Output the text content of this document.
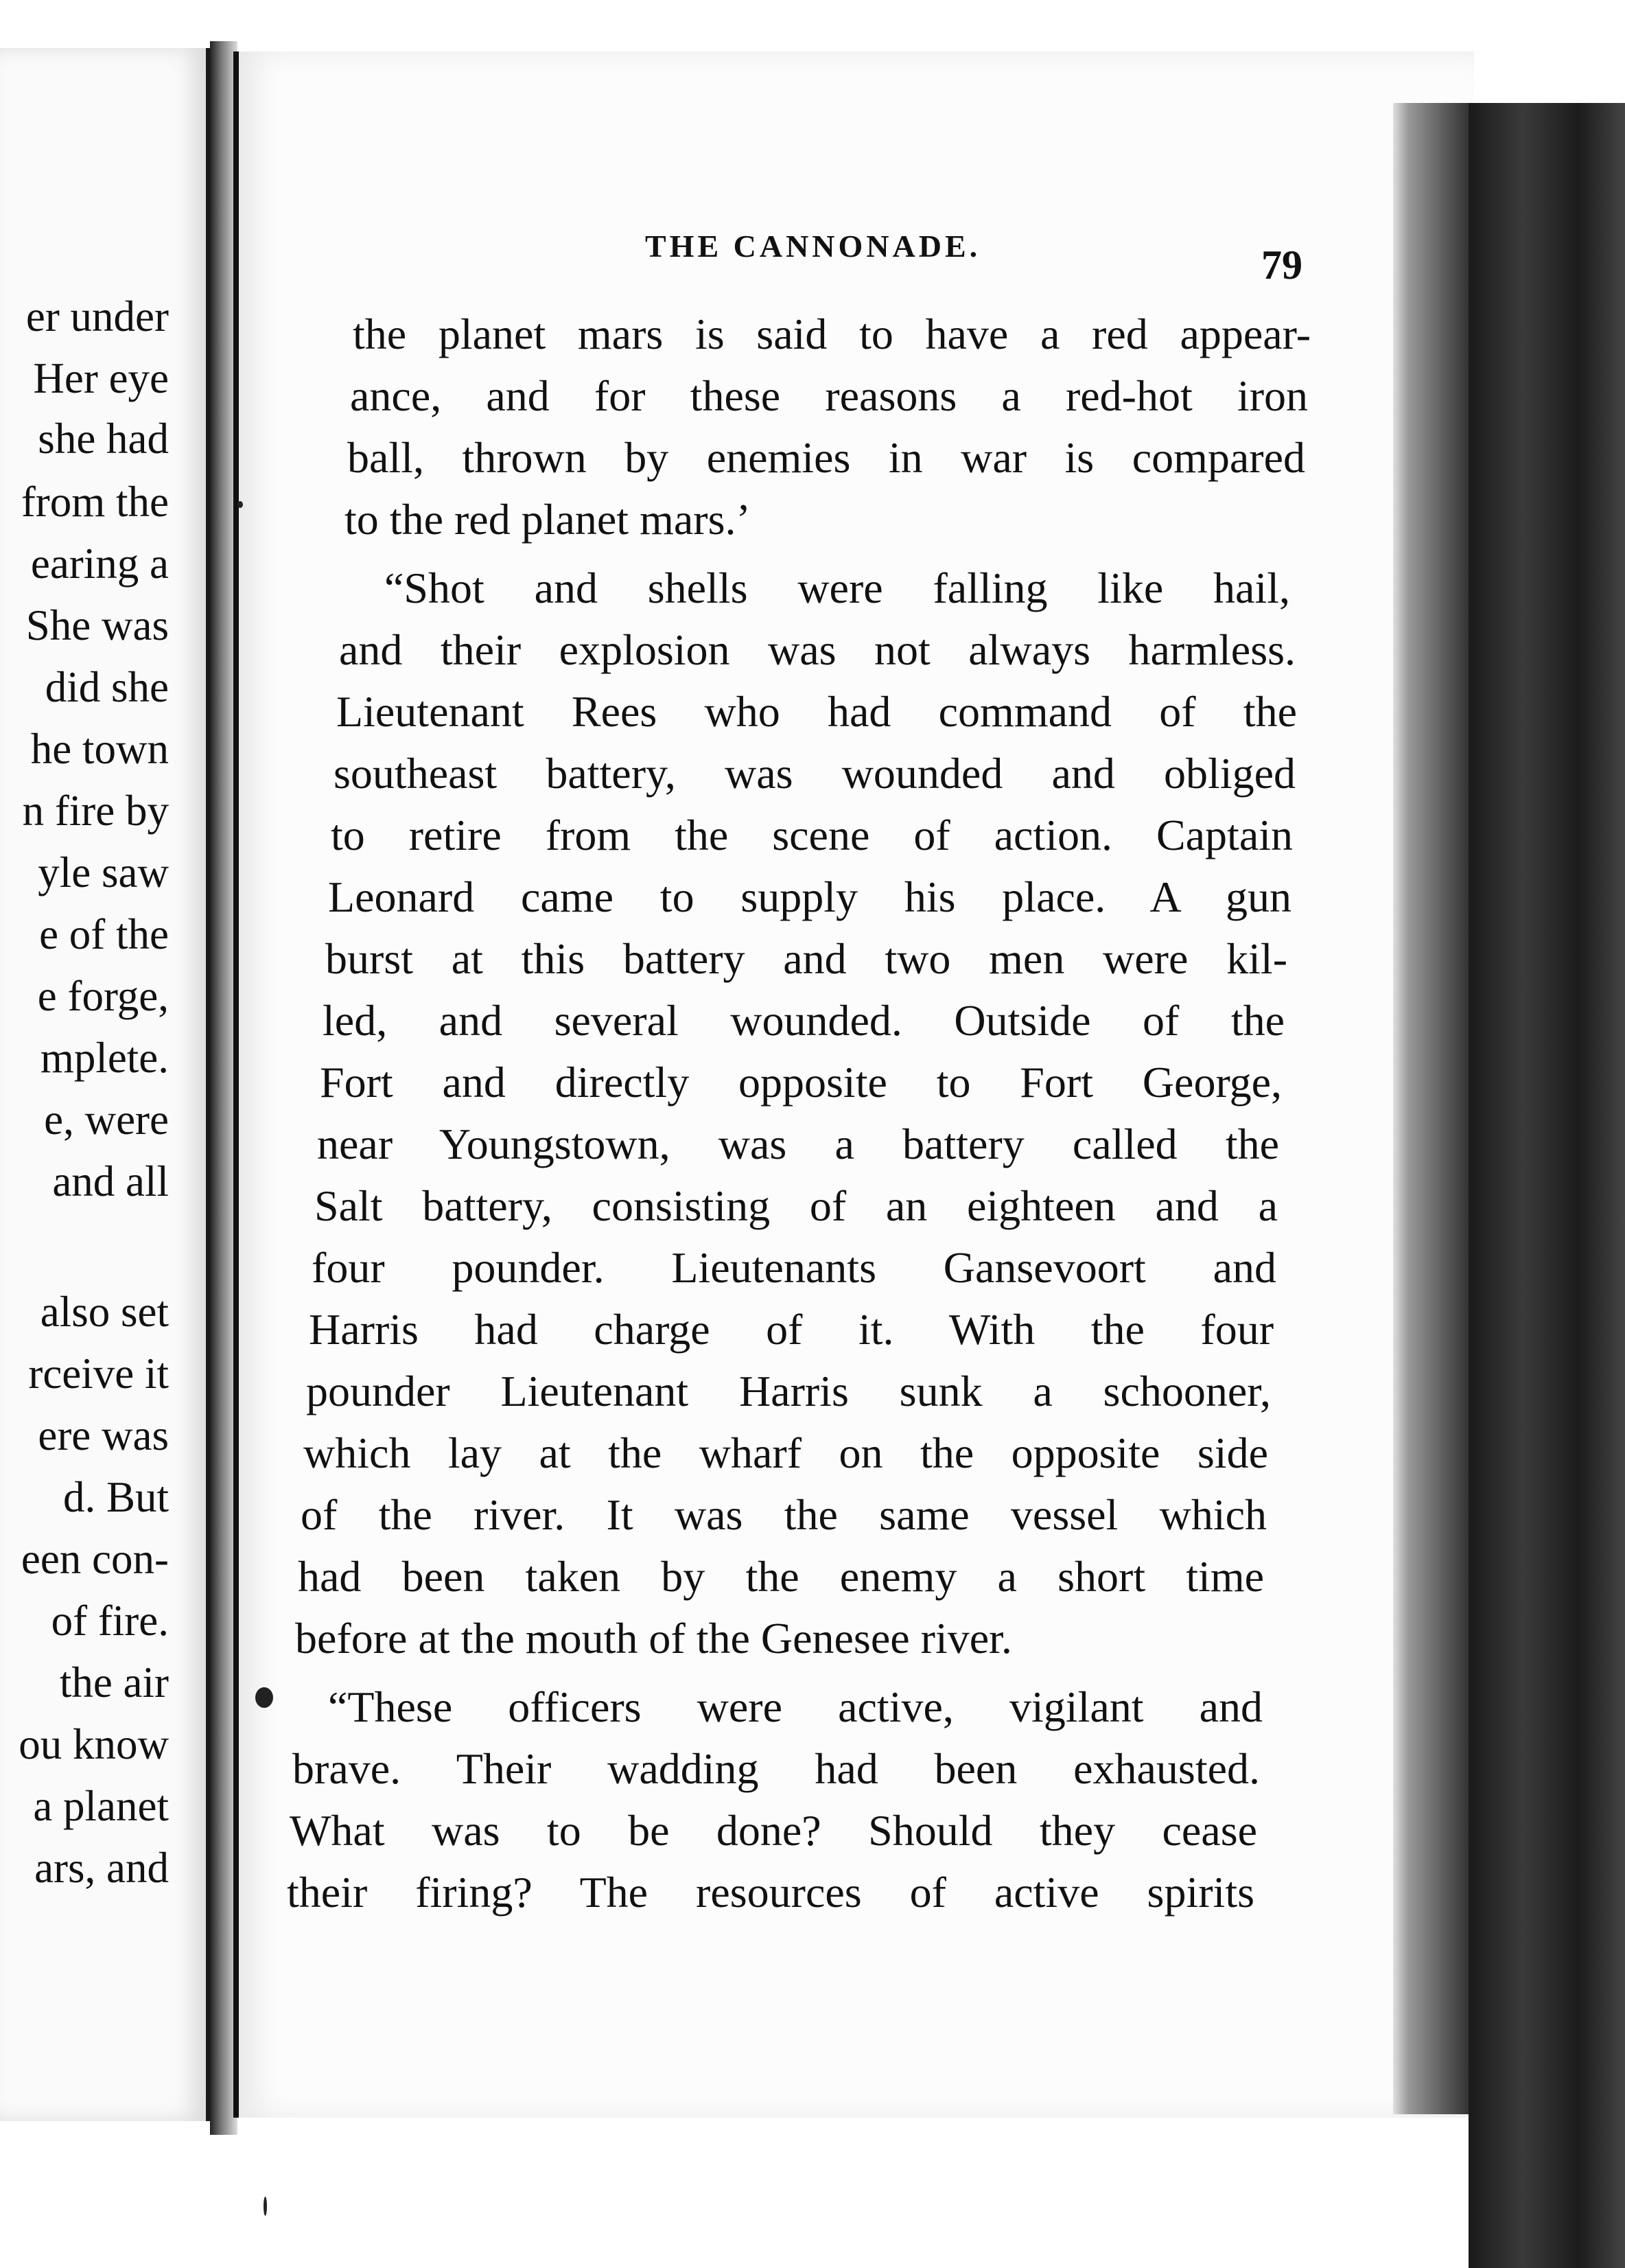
er under
Her eye
she had
from the
earing a
She was
did she
he town
n fire by
yle saw
e of the
e forge,
mplete.
e, were
and all
also set
rceive it
ere was
d. But
een con-
of fire.
the air
ou know
a planet
ars, and
THE CANNONADE.	79
the planet mars is said to have a red appear-
ance, and for these reasons a red-hot iron
ball, thrown by enemies in war is compared
to the red planet mars.’
“Shot and shells were falling like hail,
and their explosion was not always harmless.
Lieutenant Rees who had command of the
southeast battery, was wounded and obliged
to retire from the scene of action. Captain
Leonard came to supply his place. A gun
burst at this battery and two men were kil-
led, and several wounded. Outside of the
Fort and directly opposite to Fort George,
near Youngstown, was a battery called the
Salt battery, consisting of an eighteen and a
four pounder. Lieutenants Gansevoort and
Harris had charge of it. With the four
pounder Lieutenant Harris sunk a schooner,
which lay at the wharf on the opposite side
of the river. It was the same vessel which
had been taken by the enemy a short time
before at the mouth of the Genesee river.
“These officers were active, vigilant and
brave. Their wadding had been exhausted.
What was to be done? Should they cease
their firing? The resources of active spirits
